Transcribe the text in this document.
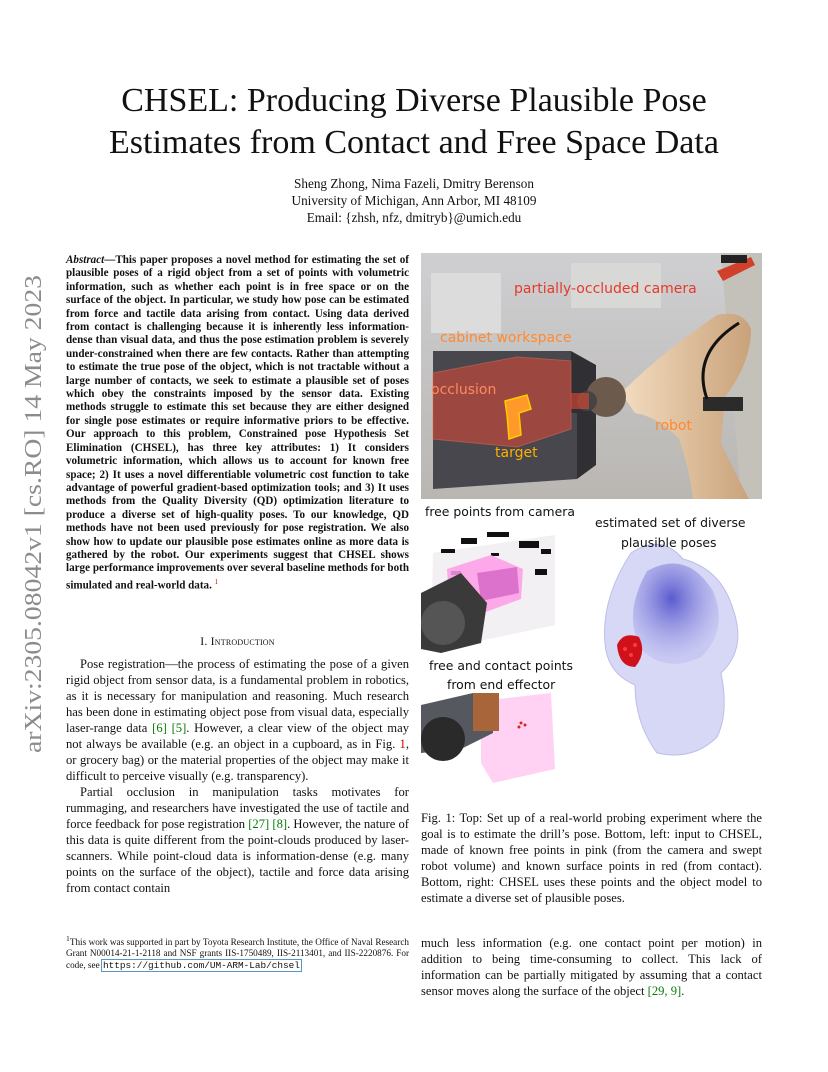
arXiv:2305.08042v1 [cs.RO] 14 May 2023
CHSEL: Producing Diverse Plausible Pose
Estimates from Contact and Free Space Data
Sheng Zhong, Nima Fazeli, Dmitry Berenson
University of Michigan, Ann Arbor, MI 48109
Email: {zhsh, nfz, dmitryb}@umich.edu
Abstract—This paper proposes a novel method for estimating the set of plausible poses of a rigid object from a set of points with volumetric information, such as whether each point is in free space or on the surface of the object. In particular, we study how pose can be estimated from force and tactile data arising from contact. Using data derived from contact is challenging because it is inherently less information-dense than visual data, and thus the pose estimation problem is severely under-constrained when there are few contacts. Rather than attempting to estimate the true pose of the object, which is not tractable without a large number of contacts, we seek to estimate a plausible set of poses which obey the constraints imposed by the sensor data. Existing methods struggle to estimate this set because they are either designed for single pose estimates or require informative priors to be effective. Our approach to this problem, Constrained pose Hypothesis Set Elimination (CHSEL), has three key attributes: 1) It considers volumetric information, which allows us to account for known free space; 2) It uses a novel differentiable volumetric cost function to take advantage of powerful gradient-based optimization tools; and 3) It uses methods from the Quality Diversity (QD) optimization literature to produce a diverse set of high-quality poses. To our knowledge, QD methods have not been used previously for pose registration. We also show how to update our plausible pose estimates online as more data is gathered by the robot. Our experiments suggest that CHSEL shows large performance improvements over several baseline methods for both simulated and real-world data. $^1$
I. Introduction

Pose registration—the process of estimating the pose of a given rigid object from sensor data, is a fundamental problem in robotics, as it is necessary for manipulation and reasoning. Much research has been done in estimating object pose from visual data, especially laser-range data [6] [5]. However, a clear view of the object may not always be available (e.g. an object in a cupboard, as in Fig. 1, or grocery bag) or the material properties of the object may make it difficult to perceive visually (e.g. transparency).

Partial occlusion in manipulation tasks motivates for rummaging, and researchers have investigated the use of tactile and force feedback for pose registration [27] [8]. However, the nature of this data is quite different from the point-clouds produced by laser-scanners. While point-cloud data is information-dense (e.g. many points on the surface of the object), tactile and force data arising from contact contain

$^1$This work was supported in part by Toyota Research Institute, the Office of Naval Research Grant N00014-21-1-2118 and NSF grants IIS-1750489, IIS-2113401, and IIS-2220876. For code, see https://github.com/UM-ARM-Lab/chsel
partially-occluded camera
cabinet workspace
occlusion
robot
target
free points from camera
estimated set of diverse
plausible poses
free and contact points
from end effector
Fig. 1: Top: Set up of a real-world probing experiment where the goal is to estimate the drill’s pose. Bottom, left: input to CHSEL, made of known free points in pink (from the camera and swept robot volume) and known surface points in red (from contact). Bottom, right: CHSEL uses these points and the object model to estimate a diverse set of plausible poses.
much less information (e.g. one contact point per motion) in addition to being time-consuming to collect. This lack of information can be partially mitigated by assuming that a contact sensor moves along the surface of the object [29, 9].
